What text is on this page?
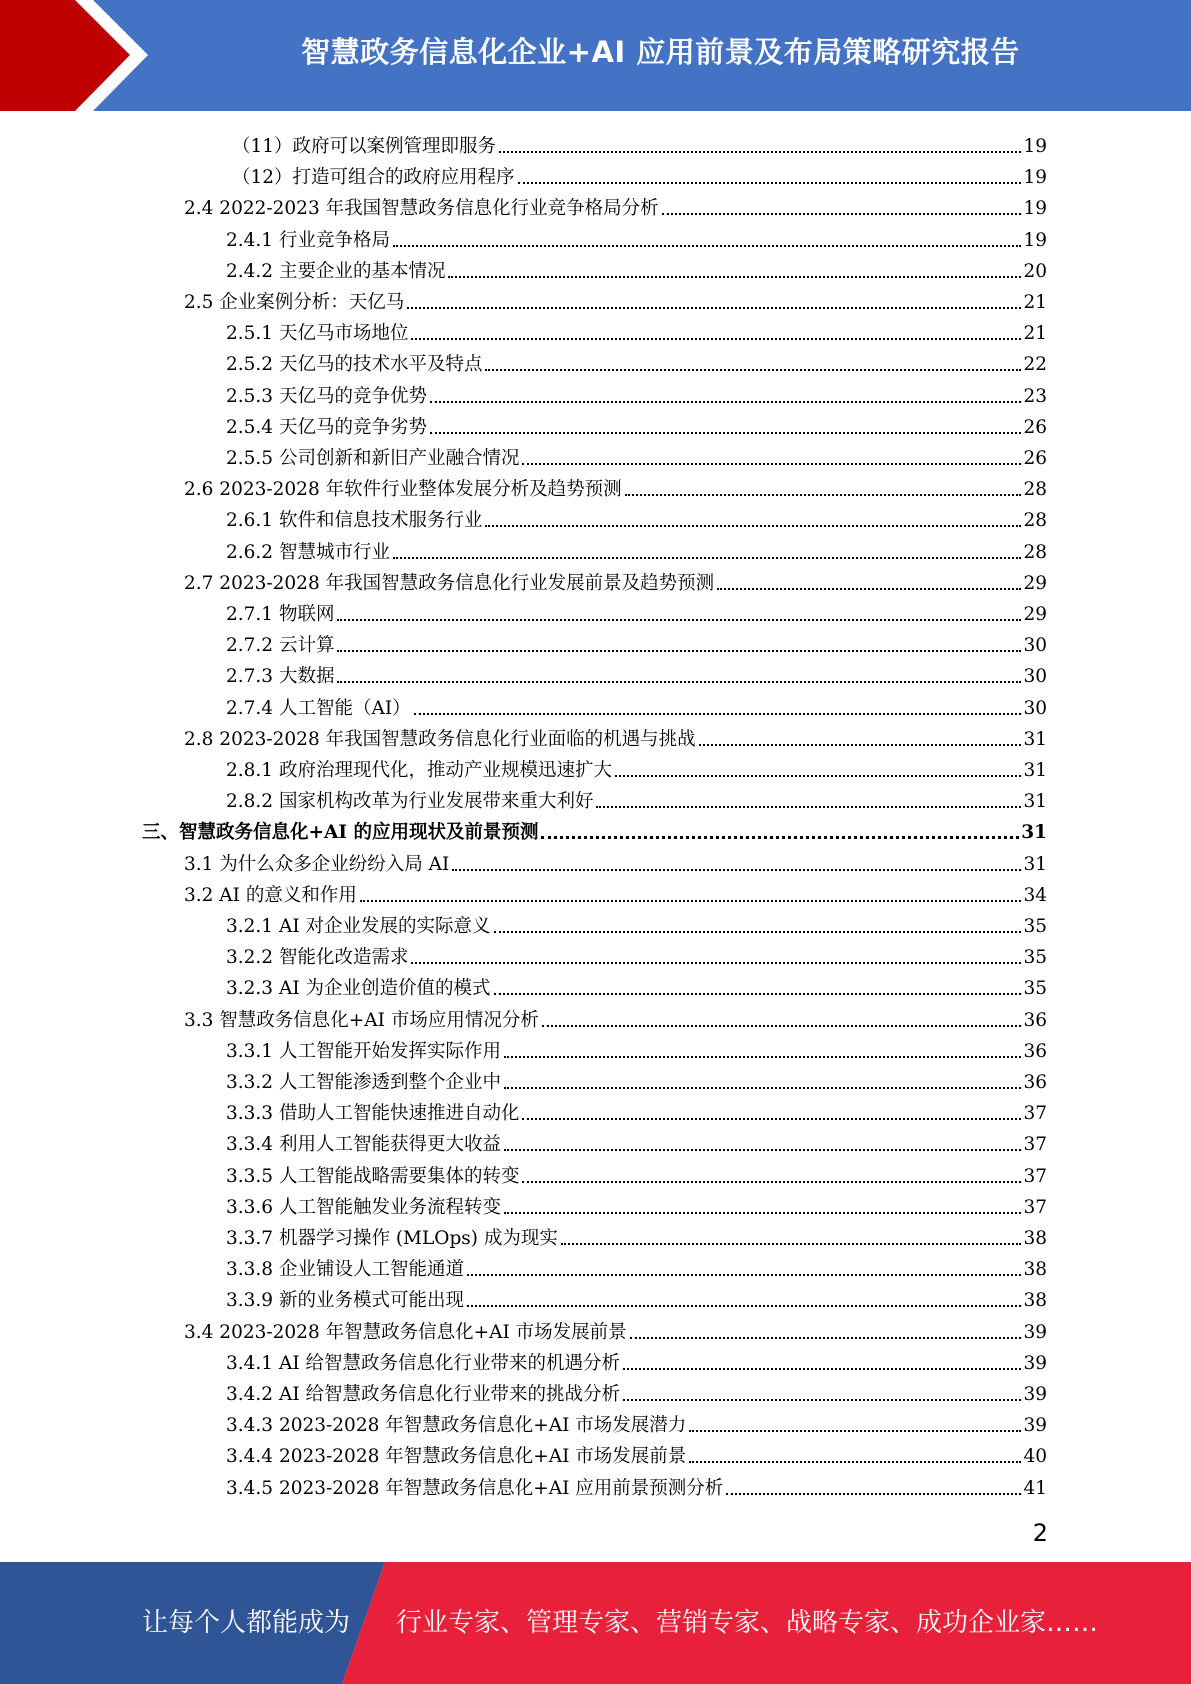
智慧政务信息化企业+AI 应用前景及布局策略研究报告
（11）政府可以案例管理即服务	19
（12）打造可组合的政府应用程序	19
2.4 2022-2023 年我国智慧政务信息化行业竞争格局分析	19
2.4.1 行业竞争格局	19
2.4.2 主要企业的基本情况	20
2.5 企业案例分析：天亿马	21
2.5.1 天亿马市场地位	21
2.5.2 天亿马的技术水平及特点	22
2.5.3 天亿马的竞争优势	23
2.5.4 天亿马的竞争劣势	26
2.5.5 公司创新和新旧产业融合情况	26
2.6 2023-2028 年软件行业整体发展分析及趋势预测	28
2.6.1 软件和信息技术服务行业	28
2.6.2 智慧城市行业	28
2.7 2023-2028 年我国智慧政务信息化行业发展前景及趋势预测	29
2.7.1 物联网	29
2.7.2 云计算	30
2.7.3 大数据	30
2.7.4 人工智能（AI）	30
2.8 2023-2028 年我国智慧政务信息化行业面临的机遇与挑战	31
2.8.1 政府治理现代化，推动产业规模迅速扩大	31
2.8.2 国家机构改革为行业发展带来重大利好	31
三、智慧政务信息化+AI 的应用现状及前景预测	31
3.1 为什么众多企业纷纷入局 AI	31
3.2 AI 的意义和作用	34
3.2.1 AI 对企业发展的实际意义	35
3.2.2 智能化改造需求	35
3.2.3 AI 为企业创造价值的模式	35
3.3 智慧政务信息化+AI 市场应用情况分析	36
3.3.1 人工智能开始发挥实际作用	36
3.3.2 人工智能渗透到整个企业中	36
3.3.3 借助人工智能快速推进自动化	37
3.3.4 利用人工智能获得更大收益	37
3.3.5 人工智能战略需要集体的转变	37
3.3.6 人工智能触发业务流程转变	37
3.3.7 机器学习操作 (MLOps) 成为现实	38
3.3.8 企业铺设人工智能通道	38
3.3.9 新的业务模式可能出现	38
3.4 2023-2028 年智慧政务信息化+AI 市场发展前景	39
3.4.1 AI 给智慧政务信息化行业带来的机遇分析	39
3.4.2 AI 给智慧政务信息化行业带来的挑战分析	39
3.4.3 2023-2028 年智慧政务信息化+AI 市场发展潜力	39
3.4.4 2023-2028 年智慧政务信息化+AI 市场发展前景	40
3.4.5 2023-2028 年智慧政务信息化+AI 应用前景预测分析	41
2
让每个人都能成为 行业专家、管理专家、营销专家、战略专家、成功企业家……
